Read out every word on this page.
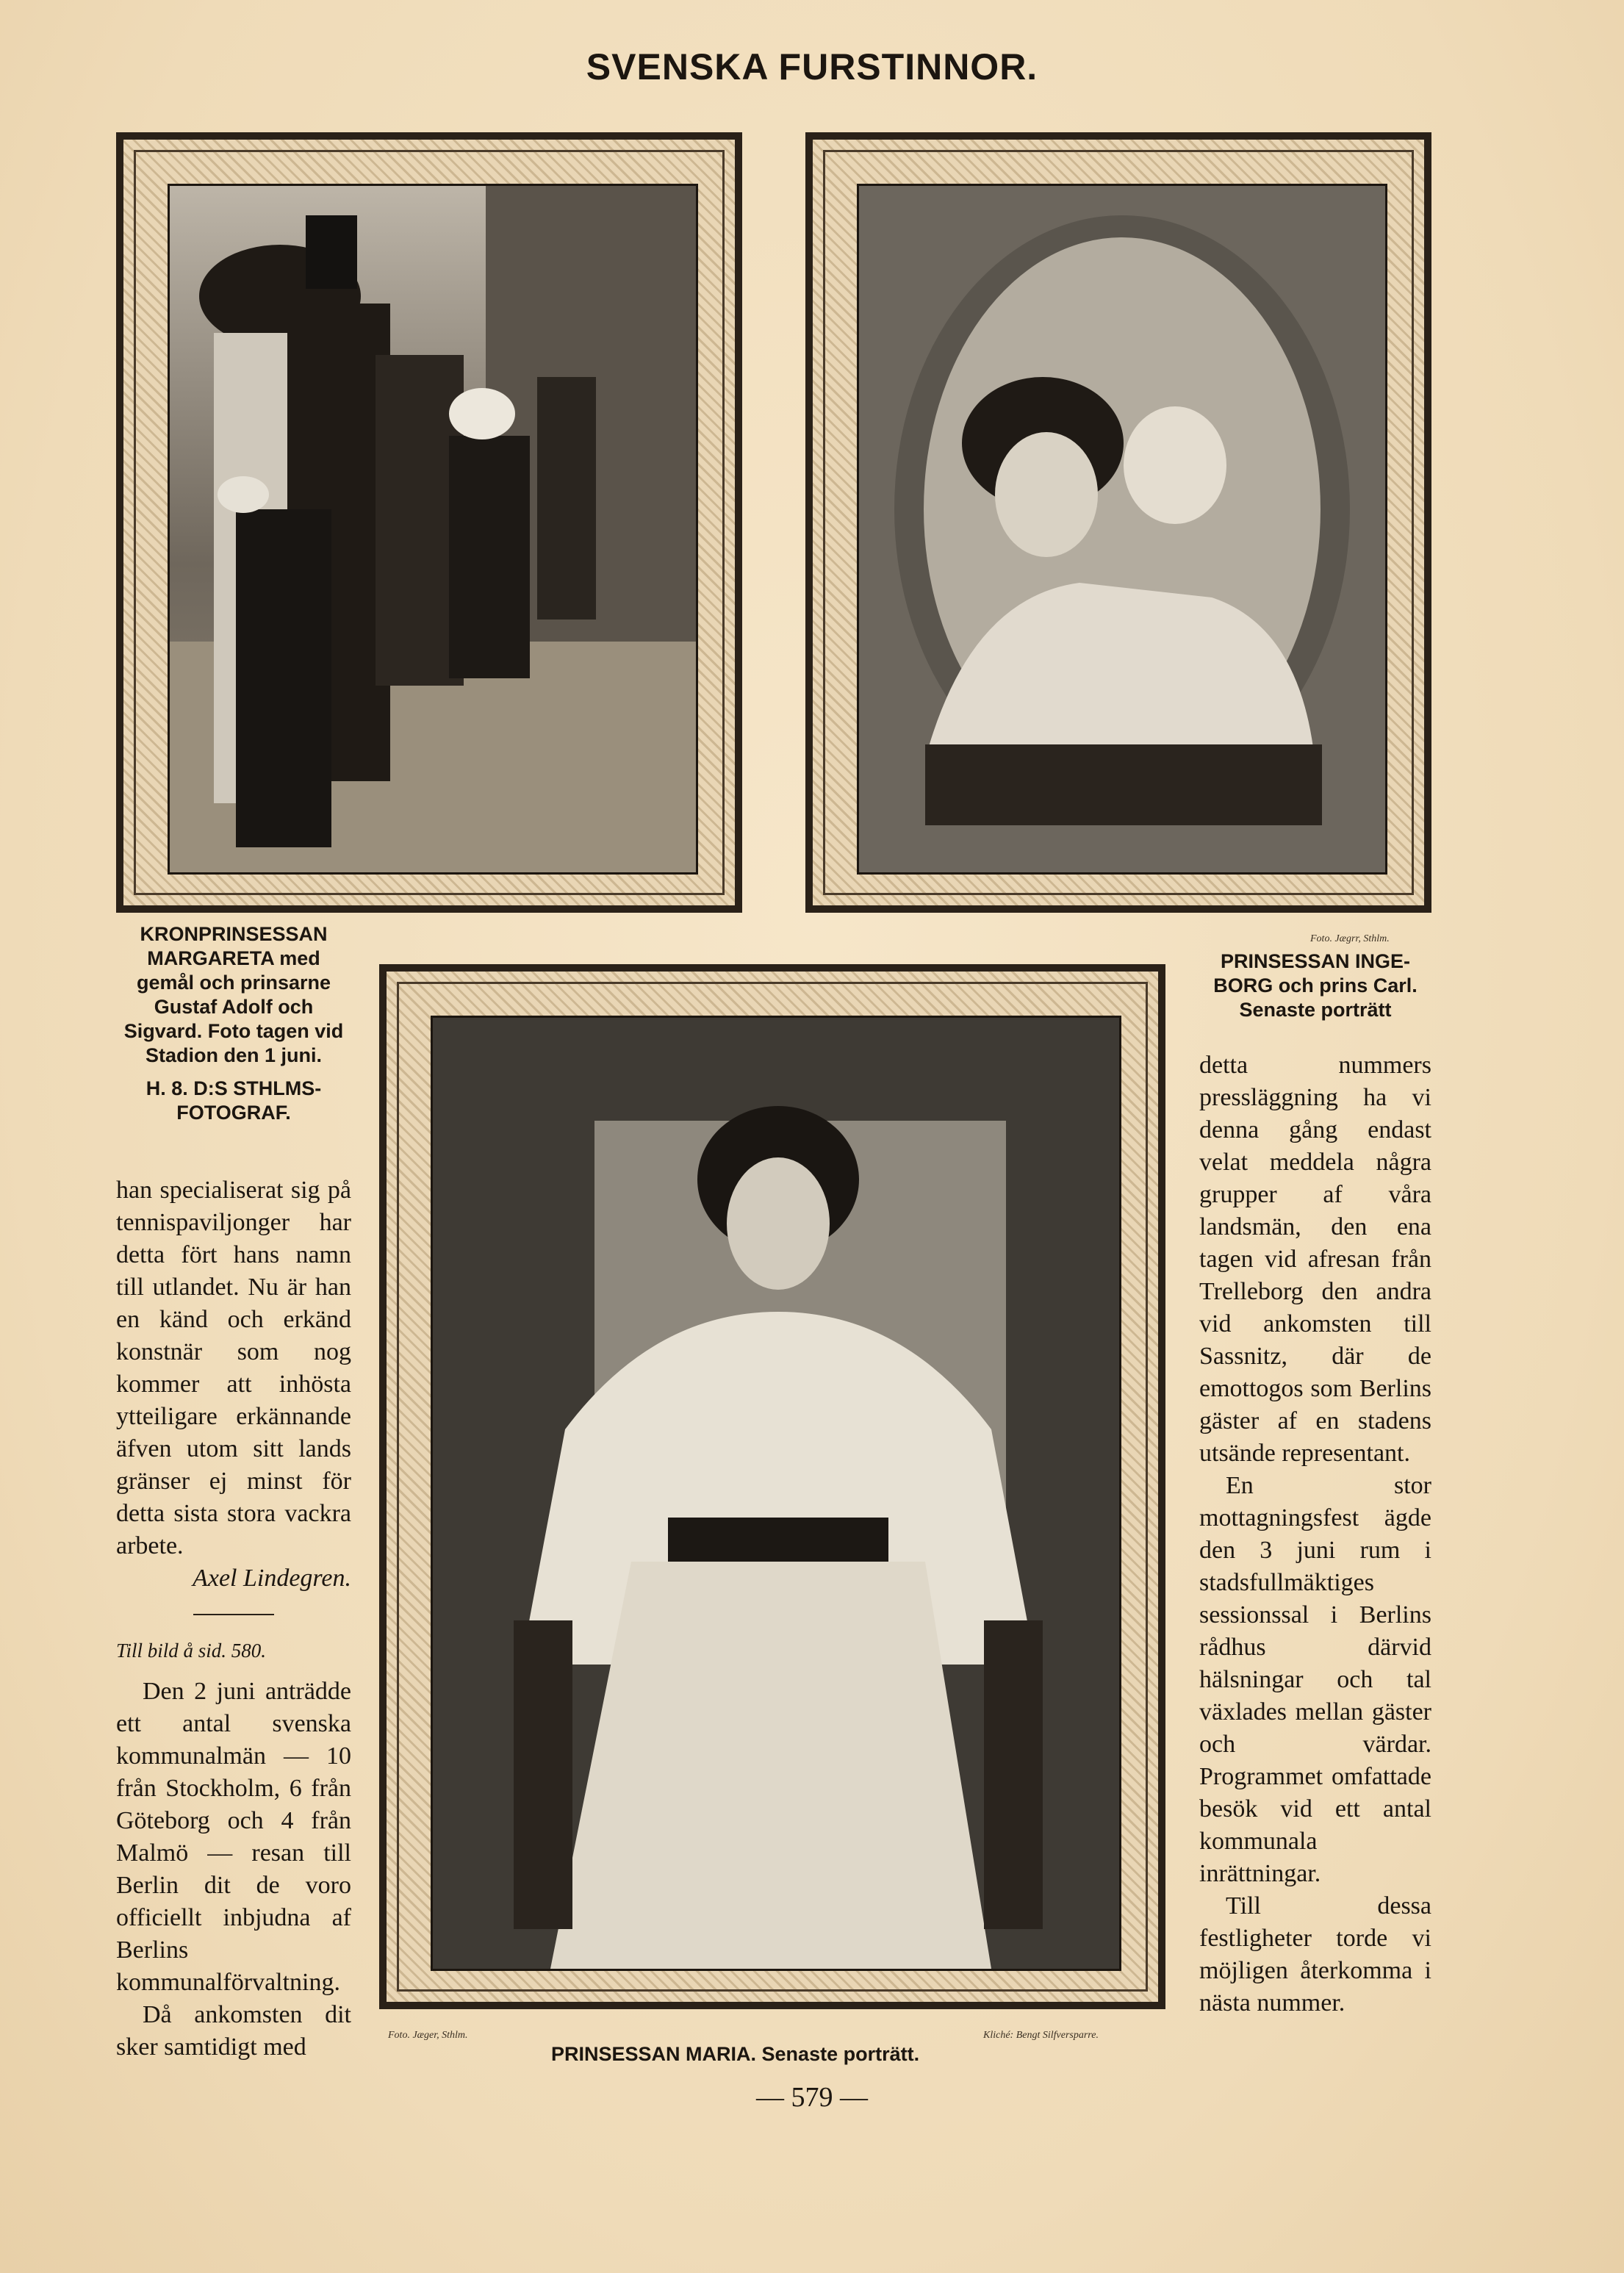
SVENSKA FURSTINNOR.
Foto. Jægrr, Sthlm.
KRONPRINSESSAN MARGARETA med gemål och prinsarne Gustaf Adolf och Sigvard. Foto tagen vid Stadion den 1 juni.
H. 8. D:S STHLMS-FOTOGRAF.
PRINSESSAN INGE-BORG och prins Carl. Senaste porträtt
Foto. Jæger, Sthlm.	Kliché: Bengt Silfversparre.
PRINSESSAN MARIA. Senaste porträtt.

han specialiserat sig på tennispaviljonger har detta fört hans namn till utlandet. Nu är han en känd och erkänd konstnär som nog kommer att inhösta ytteiligare erkännande äfven utom sitt lands gränser ej minst för detta sista stora vackra arbete.

Axel Lindegren.

Till bild å sid. 580.

Den 2 juni anträdde ett antal svenska kommunalmän — 10 från Stockholm, 6 från Göteborg och 4 från Malmö — resan till Berlin dit de voro officiellt inbjudna af Berlins kommunalförvaltning.

Då ankomsten dit sker samtidigt med

detta nummers pressläggning ha vi denna gång endast velat meddela några grupper af våra landsmän, den ena tagen vid afresan från Trelleborg den andra vid ankomsten till Sassnitz, där de emottogos som Berlins gäster af en stadens utsände representant.

En stor mottagningsfest ägde den 3 juni rum i stadsfullmäktiges sessionssal i Berlins rådhus därvid hälsningar och tal växlades mellan gäster och värdar. Programmet omfattade besök vid ett antal kommunala inrättningar.

Till dessa festligheter torde vi möjligen återkomma i nästa nummer.

— 579 —
